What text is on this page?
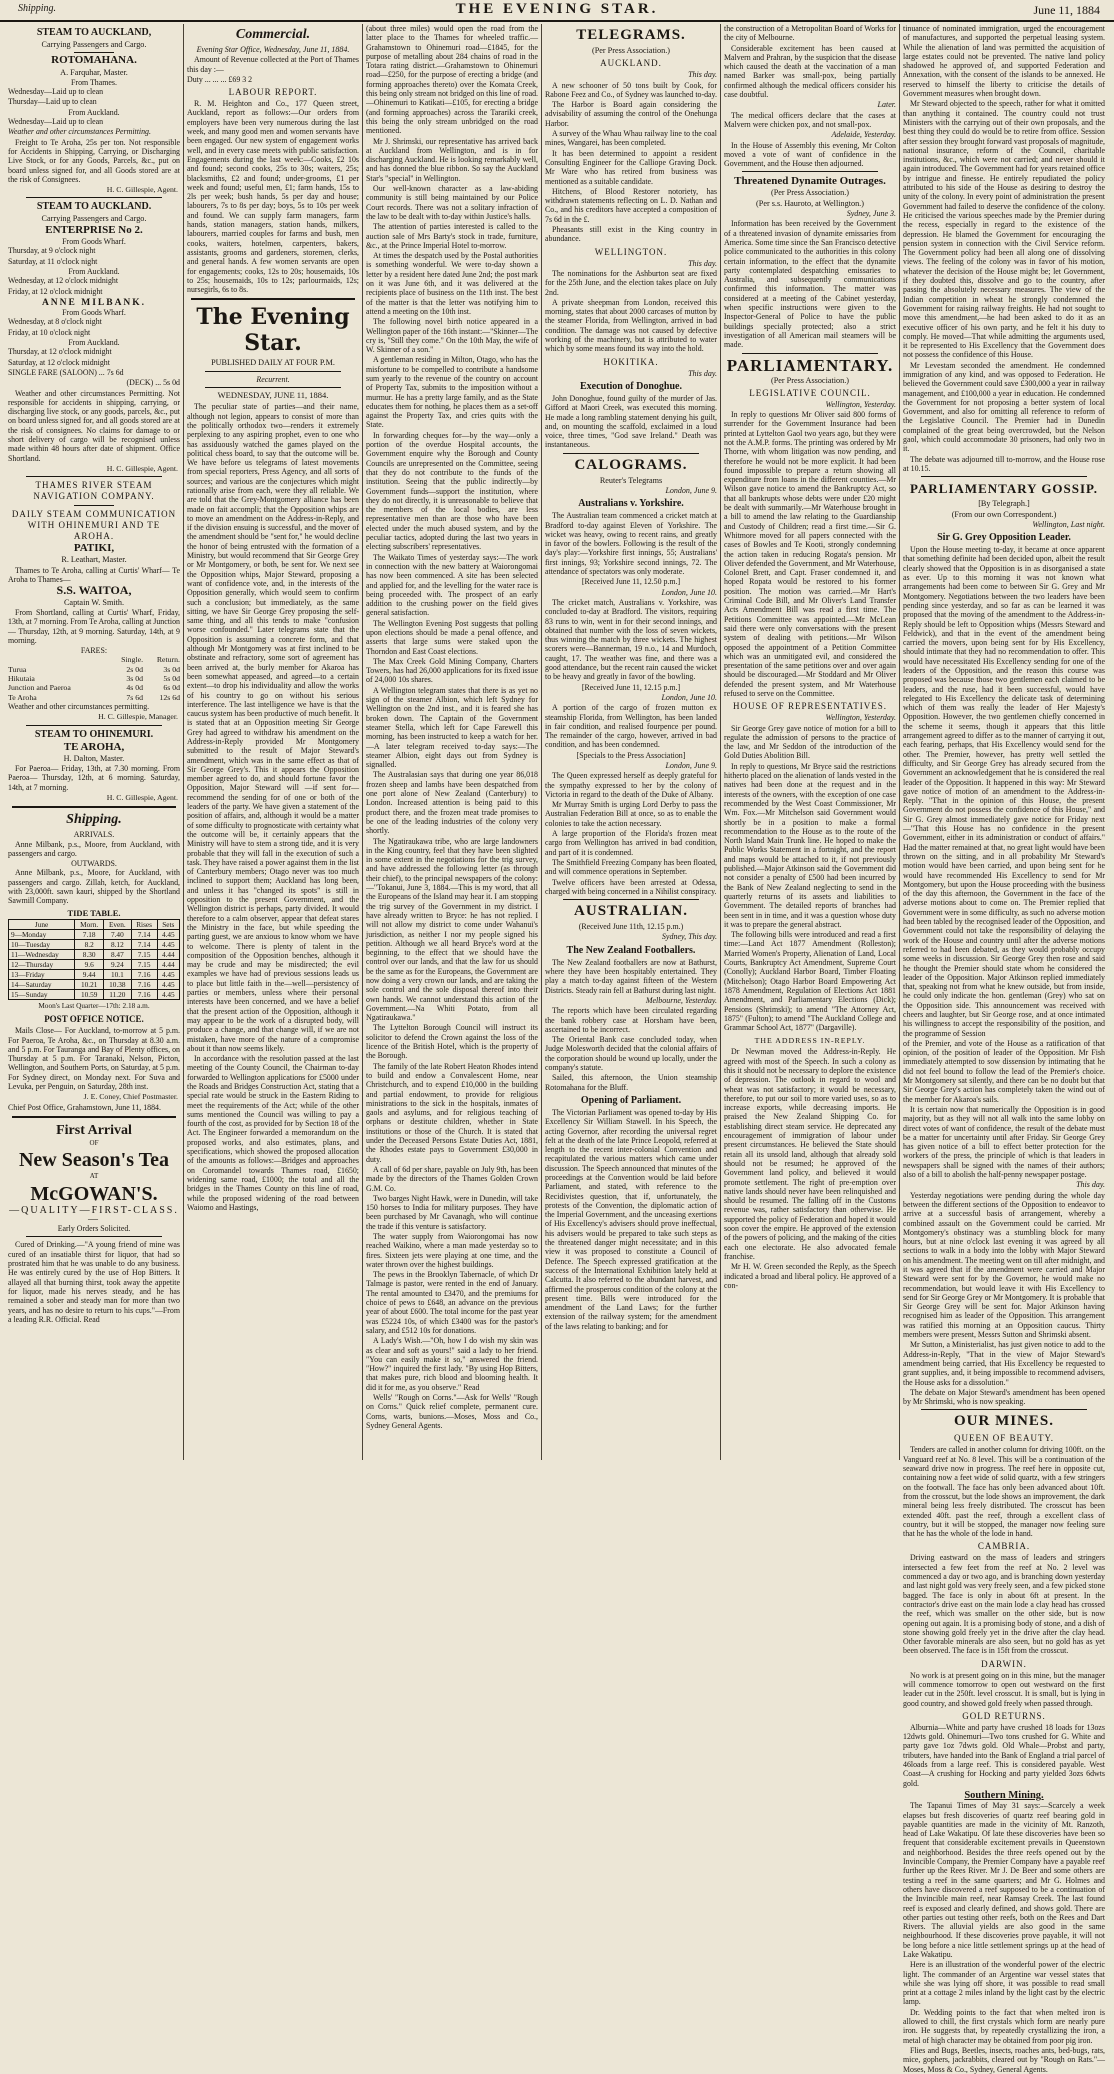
Shipping.	THE EVENING STAR.	June 11, 1884
STEAM TO AUCKLAND,
Carrying Passengers and Cargo.
ROTOMAHANA.
A. Farquhar, Master.
From Thames.
Wednesday—Laid up to clean
Thursday—Laid up to clean
From Auckland.
Wednesday—Laid up to clean
Weather and other circumstances Permitting.
Freight to Te Aroha, 25s per ton. Not responsible for Accidents in Shipping, Carrying, or Discharging Live Stock, or for any Goods, Parcels, &c., put on board unless signed for, and all Goods stored are at the risk of Consignees.
H. C. Gillespie, Agent.
STEAM TO AUCKLAND.
Carrying Passengers and Cargo.
ENTERPRISE No 2.
From Goods Wharf.
Thursday, at 9 o'clock night
Saturday, at 11 o'clock night
From Auckland.
Wednesday, at 12 o'clock midnight
Friday, at 12 o'clock midnight
ANNE MILBANK.
From Goods Wharf.
Wednesday, at 8 o'clock night
Friday, at 10 o'clock night
From Auckland.
Thursday, at 12 o'clock midnight
Saturday, at 12 o'clock midnight
SINGLE FARE (SALOON) ... 7s 6d
(DECK) ... 5s 0d
Weather and other circumstances Permitting. Not responsible for accidents in shipping, carrying, or discharging live stock, or any goods, parcels, &c., put on board unless signed for, and all goods stored are at the risk of consignees. No claims for damage to or short delivery of cargo will be recognised unless made within 48 hours after date of shipment. Office Shortland.
H. C. Gillespie, Agent.
THAMES RIVER STEAM NAVIGATION COMPANY.
DAILY STEAM COMMUNICATION WITH OHINEMURI AND TE AROHA.
PATIKI,
R. Leathart, Master.
Thames to Te Aroha, calling at Curtis' Wharf— Te Aroha to Thames—
S.S. WAITOA,
Captain W. Smith.
From Shortland, calling at Curtis' Wharf, Friday, 13th, at 7 morning. From Te Aroha, calling at Junction— Thursday, 12th, at 9 morning. Saturday, 14th, at 9 morning.
FARES:
	Single.	Return.
Turua	2s 0d	3s 0d
Hikutaia	3s 0d	5s 0d
Junction and Paeroa	4s 0d	6s 0d
Te Aroha	7s 6d	12s 6d
Weather and other circumstances permitting.
H. C. Gillespie, Manager.
STEAM TO OHINEMURI.
TE AROHA,
H. Dalton, Master.
For Paeroa— Friday, 13th, at 7.30 morning. From Paeroa— Thursday, 12th, at 6 morning. Saturday, 14th, at 7 morning.
H. C. Gillespie, Agent.
Shipping.
ARRIVALS.
Anne Milbank, p.s., Moore, from Auckland, with passengers and cargo.
OUTWARDS.
Anne Milbank, p.s., Moore, for Auckland, with passengers and cargo. Zillah, ketch, for Auckland, with 23,000ft. sawn kauri, shipped by the Shortland Sawmill Company.
TIDE TABLE.
June	Morn.	Even.	Rises	Sets
9—Monday	7.18	7.40	7.14	4.45
10—Tuesday	8.2	8.12	7.14	4.45
11—Wednesday	8.30	8.47	7.15	4.44
12—Thursday	9.6	9.24	7.15	4.44
13—Friday	9.44	10.1	7.16	4.45
14—Saturday	10.21	10.38	7.16	4.45
15—Sunday	10.59	11.20	7.16	4.45
Moon's Last Quarter—17th: 2.18 a.m.
POST OFFICE NOTICE.
Mails Close— For Auckland, to-morrow at 5 p.m. For Paeroa, Te Aroha, &c., on Thursday at 8.30 a.m. and 5 p.m. For Tauranga and Bay of Plenty offices, on Thursday at 5 p.m. For Taranaki, Nelson, Picton, Wellington, and Southern Ports, on Saturday, at 5 p.m. For Sydney direct, on Monday next. For Suva and Levuka, per Penguin, on Saturday, 28th inst.
J. E. Coney, Chief Postmaster.
Chief Post Office, Grahamstown, June 11, 1884.
First Arrival
OF
New Season's Tea
AT
McGOWAN'S.
—QUALITY—FIRST-CLASS.—
Early Orders Solicited.
Cured of Drinking.—"A young friend of mine was cured of an insatiable thirst for liquor, that had so prostrated him that he was unable to do any business. He was entirely cured by the use of Hop Bitters. It allayed all that burning thirst, took away the appetite for liquor, made his nerves steady, and he has remained a sober and steady man for more than two years, and has no desire to return to his cups."—From a leading R.R. Official. Read
Commercial.
Evening Star Office, Wednesday, June 11, 1884.
Amount of Revenue collected at the Port of Thames this day :—
Duty ... ... ... £69 3 2
LABOUR REPORT.
R. M. Heighton and Co., 177 Queen street, Auckland, report as follows:—Our orders from employers have been very numerous during the last week, and many good men and women servants have been engaged. Our new system of engagement works well, and in every case meets with public satisfaction. Engagements during the last week:—Cooks, £2 10s and found; second cooks, 25s to 30s; waiters, 25s; blacksmiths, £2 and found; under-grooms, £1 per week and found; useful men, £1; farm hands, 15s to 2ls per week; bush hands, 5s per day and house; labourers, 7s to 8s per day; boys, 5s to 10s per week and found. We can supply farm managers, farm hands, station managers, station hands, milkers, labourers, married couples for farms and bush, men cooks, waiters, hotelmen, carpenters, bakers, assistants, grooms and gardeners, storemen, clerks, and general hands. A few women servants are open for engagements; cooks, 12s to 20s; housemaids, 10s to 25s; housemaids, 10s to 12s; parlourmaids, 12s; nursegirls, 6s to 8s.
The Evening Star.
PUBLISHED DAILY AT FOUR P.M.
Recurrent.
WEDNESDAY, JUNE 11, 1884.
The peculiar state of parties—and their name, although not legion, appears to consist of more than the politically orthodox two—renders it extremely perplexing to any aspiring prophet, even to one who has assiduously watched the games played on the political chess board, to say that the outcome will be. We have before us telegrams of latest movements from special reporters, Press Agency, and all sorts of sources; and various are the conjectures which might rationally arise from each, were they all reliable. We are told that the Grey-Montgomery alliance has been made on fait accompli; that the Opposition whips are to move an amendment on the Address-in-Reply, and if the division ensuing is successful, and the mover of the amendment should be "sent for," he would decline the honor of being entrusted with the formation of a Ministry, but would recommend that Sir George Grey or Mr Montgomery, or both, be sent for. We next see the Opposition whips, Major Steward, proposing a want of confidence vote, and, in the interests of the Opposition generally, which would seem to confirm such a conclusion; but immediately, as the same sitting, we have Sir George Grey proposing the self-same thing, and all this tends to make "confusion worse confounded." Later telegrams state that the Opposition is assuming a concrete form, and that although Mr Montgomery was at first inclined to be obstinate and refractory, some sort of agreement has been arrived at, the burly member for Akaroa has been somewhat appeased, and agreed—to a certain extent—to drop his individuality and allow the works of his country to go on without his serious interference. The last intelligence we have is that the caucus system has been productive of much benefit. It is stated that at an Opposition meeting Sir George Grey had agreed to withdraw his amendment on the Address-in-Reply provided Mr Montgomery submitted to the result of Major Steward's amendment, which was in the same effect as that of Sir George Grey's. This it appears the Opposition member agreed to do, and should fortune favor the Opposition, Major Steward will —if sent for—recommend the sending for of one or both of the leaders of the party. We have given a statement of the position of affairs, and, although it would be a matter of some difficulty to prognosticate with certainty what the outcome will be, it certainly appears that the Ministry will have to stem a strong tide, and it is very probable that they will fall in the execution of such a task. They have raised a power against them in the list of Canterbury members; Otago never was too much inclined to support them; Auckland has long been, and unless it has "changed its spots" is still in opposition to the present Government, and the Wellington district is perhaps, party divided. It would therefore to a calm observer, appear that defeat stares the Ministry in the face, but while speeding the parting guest, we are anxious to know whom we have to welcome. There is plenty of talent in the composition of the Opposition benches, although it may be crude and may be misdirected; the evil examples we have had of previous sessions leads us to place but little faith in the—well—persistency of parties or members, unless where their personal interests have been concerned, and we have a belief that the present action of the Opposition, although it may appear to be the work of a disrupted body, will produce a change, and that change will, if we are not mistaken, have more of the nature of a compromise about it than now seems likely.
In accordance with the resolution passed at the last meeting of the County Council, the Chairman to-day forwarded to Wellington applications for £5000 under the Roads and Bridges Construction Act, stating that a special rate would be struck in the Eastern Riding to meet the requirements of the Act; while of the other sums mentioned the Council was willing to pay a fourth of the cost, as provided for by Section 18 of the Act. The Engineer forwarded a memorandum on the proposed works, and also estimates, plans, and specifications, which showed the proposed allocation of the amounts as follows:—Bridges and approaches on Coromandel towards Thames road, £1650; widening same road, £1000; the total and all the bridges in the Thames County on this line of road, while the proposed widening of the road between Waiomo and Hastings,
(about three miles) would open the road from the latter place to the Thames for wheeled traffic.—Grahamstown to Ohinemuri road—£1845, for the purpose of metalling about 284 chains of road in the Totara rating district.—Grahamstown to Ohinemuri road—£250, for the purpose of erecting a bridge (and forming approaches thereto) over the Komata Creek, this being only stream not bridged on this line of road.—Ohinemuri to Katikati—£105, for erecting a bridge (and forming approaches) across the Tarariki creek, this being the only stream unbridged on the road mentioned.
Mr J. Shrimski, our representative has arrived back at Auckland from Wellington, and is in for discharging Auckland. He is looking remarkably well, and has donned the blue ribbon. So say the Auckland Star's "special" in Wellington.
Our well-known character as a law-abiding community is still being maintained by our Police Court records. There was not a solitary infraction of the law to be dealt with to-day within Justice's halls.
The attention of parties interested is called to the auction sale of Mrs Barty's stock in trade, furniture, &c., at the Prince Imperial Hotel to-morrow.
At times the despatch used by the Postal authorities is something wonderful. We were to-day shown a letter by a resident here dated June 2nd; the post mark on it was June 6th, and it was delivered at the recipients place of business on the 11th inst. The best of the matter is that the letter was notifying him to attend a meeting on the 10th inst.
The following novel birth notice appeared in a Wellington paper of the 16th instant:—"Skinner—The cry is, "Still they come." On the 10th May, the wife of W. Skinner of a son."
A gentleman residing in Milton, Otago, who has the misfortune to be compelled to contribute a handsome sum yearly to the revenue of the country on account of Property Tax, submits to the imposition without a murmur. He has a pretty large family, and as the State educates them for nothing, he places them as a set-off against the Property Tax, and cries quits with the State.
In forwarding cheques for—by the way—only a portion of the overdue Hospital accounts, the Government enquire why the Borough and County Councils are unrepresented on the Committee, seeing that they do not contribute to the funds of the institution. Seeing that the public indirectly—by Government funds—support the institution, where they do not directly, it is unreasonable to believe that the members of the local bodies, are less representative men than are those who have been elected under the much abused system, and by the peculiar tactics, adopted during the last two years in electing subscribers' representatives.
The Waikato Times of yesterday says:—The work in connection with the new battery at Waiorongomai has now been commenced. A site has been selected and applied for, and the levelling for the water race is being proceeded with. The prospect of an early addition to the crushing power on the field gives general satisfaction.
The Wellington Evening Post suggests that polling upon elections should be made a penal offence, and asserts that large sums were staked upon the Thorndon and East Coast elections.
The Max Creek Gold Mining Company, Charters Towers, has had 26,000 applications for its fixed issue of 24,000 10s shares.
A Wellington telegram states that there is as yet no sign of the steamer Albion, which left Sydney for Wellington on the 2nd inst., and it is feared she has broken down. The Captain of the Government steamer Stella, which left for Cape Farewell this morning, has been instructed to keep a watch for her.—A later telegram received to-day says:—The steamer Albion, eight days out from Sydney is signalled.
The Australasian says that during one year 86,018 frozen sheep and lambs have been despatched from one port alone of New Zealand (Canterbury) to London. Increased attention is being paid to this product there, and the frozen meat trade promises to be one of the leading industries of the colony very shortly.
The Ngatiraukawa tribe, who are large landowners in the King country, feel that they have been slighted in some extent in the negotiations for the trig survey, and have addressed the following letter (as through their chief), to the principal newspapers of the colony:—"Tokanui, June 3, 1884.—This is my word, that all the Europeans of the Island may hear it. I am stopping the trig survey of the Government in my district. I have already written to Bryce: he has not replied. I will not allow my district to come under Wahanui's jurisdiction, as neither I nor my people signed his petition. Although we all heard Bryce's word at the beginning, to the effect that we should have the control over our lands, and that the law for us should be the same as for the Europeans, the Government are now doing a very crown our lands, and are taking the sole control and the sole disposal thereof into their own hands. We cannot understand this action of the Government.—Na Whiti Potato, from all Ngatiraukawa."
The Lyttelton Borough Council will instruct its solicitor to defend the Crown against the loss of the licence of the British Hotel, which is the property of the Borough.
The family of the late Robert Heaton Rhodes intend to build and endow a Convalescent Home, near Christchurch, and to expend £10,000 in the building and partial endowment, to provide for religious ministrations to the sick in the hospitals, inmates of gaols and asylums, and for religious teaching of orphans or destitute children, whether in State institutions or those of the Church. It is stated that under the Deceased Persons Estate Duties Act, 1881, the Rhodes estate pays to Government £30,000 in duty.
A call of 6d per share, payable on July 9th, has been made by the directors of the Thames Golden Crown G.M. Co.
Two barges Night Hawk, were in Dunedin, will take 150 horses to India for military purposes. They have been purchased by Mr Cavanagh, who will continue the trade if this venture is satisfactory.
The water supply from Waiorongomai has now reached Waikino, where a man made yesterday so to fires. Sixteen jets were playing at one time, and the water thrown over the highest buildings.
The pews in the Brooklyn Tabernacle, of which Dr Talmage is pastor, were rented in the end of January. The rental amounted to £3470, and the premiums for choice of pews to £648, an advance on the previous year of about £600. The total income for the past year was £5224 10s, of which £3400 was for the pastor's salary, and £512 10s for donations.
A Lady's Wish.—"Oh, how I do wish my skin was as clear and soft as yours!" said a lady to her friend. "You can easily make it so," answered the friend. "How?" inquired the first lady. "By using Hop Bitters, that makes pure, rich blood and blooming health. It did it for me, as you observe." Read
Wells' "Rough on Corns."—Ask for Wells' "Rough on Corns." Quick relief complete, permanent cure. Corns, warts, bunions.—Moses, Moss and Co., Sydney General Agents.
TELEGRAMS.
(Per Press Association.)
AUCKLAND.
This day.
A new schooner of 50 tons built by Cook, for Rabone Feez and Co., of Sydney was launched to-day.
The Harbor is Board again considering the advisability of assuming the control of the Onehunga Harbor.
A survey of the Whau Whau railway line to the coal mines, Wangarei, has been completed.
It has been determined to appoint a resident Consulting Engineer for the Calliope Graving Dock. Mr Ware who has retired from business was mentioned as a suitable candidate.
Hitchens, of Blood Restorer notoriety, has withdrawn statements reflecting on L. D. Nathan and Co., and his creditors have accepted a composition of 7s 6d in the £.
Pheasants still exist in the King country in abundance.
WELLINGTON.
This day.
The nominations for the Ashburton seat are fixed for the 25th June, and the election takes place on July 2nd.
A private sheepman from London, received this morning, states that about 2000 carcases of mutton by the steamer Florida, from Wellington, arrived in bad condition. The damage was not caused by defective working of the machinery, but is attributed to water which by some means found its way into the hold.
HOKITIKA.
This day.
Execution of Donoghue.
John Donoghue, found guilty of the murder of Jas. Gifford at Maori Creek, was executed this morning. He made a long rambling statement denying his guilt, and, on mounting the scaffold, exclaimed in a loud voice, three times, "God save Ireland." Death was instantaneous.
CALOGRAMS.
Reuter's Telegrams
London, June 9.
Australians v. Yorkshire.
The Australian team commenced a cricket match at Bradford to-day against Eleven of Yorkshire. The wicket was heavy, owing to recent rains, and greatly in favor of the bowlers. Following is the result of the day's play:—Yorkshire first innings, 55; Australians' first innings, 93; Yorkshire second innings, 72. The attendance of spectators was only moderate.
[Received June 11, 12.50 p.m.]
London, June 10.
The cricket match, Australians v. Yorkshire, was concluded to-day at Bradford. The visitors, requiring 83 runs to win, went in for their second innings, and obtained that number with the loss of seven wickets, thus winning the match by three wickets. The highest scorers were—Bannerman, 19 n.o., 14 and Murdoch, caught, 17. The weather was fine, and there was a good attendance, but the recent rain caused the wicket to be heavy and greatly in favor of the bowling.
[Received June 11, 12.15 p.m.]
London, June 10.
A portion of the cargo of frozen mutton ex steamship Florida, from Wellington, has been landed in fair condition, and realised fourpence per pound. The remainder of the cargo, however, arrived in bad condition, and has been condemned.
[Specials to the Press Association]
London, June 9.
The Queen expressed herself as deeply grateful for the sympathy expressed to her by the colony of Victoria in regard to the death of the Duke of Albany.
Mr Murray Smith is urging Lord Derby to pass the Australian Federation Bill at once, so as to enable the colonies to take the action necessary.
A large proportion of the Florida's frozen meat cargo from Wellington has arrived in bad condition, and part of it is condemned.
The Smithfield Freezing Company has been floated, and will commence operations in September.
Twelve officers have been arrested at Odessa, charged with being concerned in a Nihilist conspiracy.
AUSTRALIAN.
(Received June 11th, 12.15 p.m.)
Sydney, This day.
The New Zealand Footballers.
The New Zealand footballers are now at Bathurst, where they have been hospitably entertained. They play a match to-day against fifteen of the Western Districts. Steady rain fell at Bathurst during last night.
Melbourne, Yesterday.
The reports which have been circulated regarding the bank robbery case at Horsham have been, ascertained to be incorrect.
The Oriental Bank case concluded today, when Judge Molesworth decided that the colonial affairs of the corporation should be wound up locally, under the company's statute.
Sailed, this afternoon, the Union steamship Rotomahana for the Bluff.
Opening of Parliament.
The Victorian Parliament was opened to-day by His Excellency Sir William Stawell. In his Speech, the acting Governor, after recording the universal regret felt at the death of the late Prince Leopold, referred at length to the recent inter-colonial Convention and recapitulated the various matters which came under discussion. The Speech announced that minutes of the proceedings at the Convention would be laid before Parliament, and stated, with reference to the Recidivistes question, that if, unfortunately, the protests of the Convention, the diplomatic action of the Imperial Government, and the unceasing exertions of His Excellency's advisers should prove ineffectual, his advisers would be prepared to take such steps as the threatened danger might necessitate; and in this view it was proposed to constitute a Council of Defence. The Speech expressed gratification at the success of the International Exhibition lately held at Calcutta. It also referred to the abundant harvest, and affirmed the prosperous condition of the colony at the present time. Bills were introduced for the amendment of the Land Laws; for the further extension of the railway system; for the amendment of the laws relating to banking; and for
the construction of a Metropolitan Board of Works for the city of Melbourne.
Considerable excitement has been caused at Malvern and Prahran, by the suspicion that the disease which caused the death at the vaccination of a man named Barker was small-pox, being partially confirmed although the medical officers consider his case doubtful.
Later.
The medical officers declare that the cases at Malvern were chicken pox, and not small-pox.
Adelaide, Yesterday.
In the House of Assembly this evening, Mr Colton moved a vote of want of confidence in the Government, and the House then adjourned.
Threatened Dynamite Outrages.
(Per Press Association.)
(Per s.s. Hauroto, at Wellington.)
Sydney, June 3.
Information has been received by the Government of a threatened invasion of dynamite emissaries from America. Some time since the San Francisco detective police communicated to the authorities in this colony certain information, to the effect that the dynamite party contemplated despatching emissaries to Australia, and subsequently communications confirmed this information. The matter was considered at a meeting of the Cabinet yesterday, when specific instructions were given to the Inspector-General of Police to have the public buildings specially protected; also a strict investigation of all American mail steamers will be made.
PARLIAMENTARY.
(Per Press Association.)
LEGISLATIVE COUNCIL.
Wellington, Yesterday.
In reply to questions Mr Oliver said 800 forms of surrender for the Government Insurance had been printed at Lyttelton Gaol two years ago, but they were not the A.M.P. forms. The printing was ordered by Mr Thorne, with whom litigation was now pending, and therefore he would not be more explicit. It had been found impossible to prepare a return showing all expenditure from loans in the different counties.—Mr Wilson gave notice to amend the Bankruptcy Act, so that all bankrupts whose debts were under £20 might be dealt with summarily.—Mr Waterhouse brought in a bill to amend the law relating to the Guardianship and Custody of Children; read a first time.—Sir G. Whitmore moved for all papers connected with the cases of Bowles and Te Kooti, strongly condemning the action taken in reducing Rogata's pension. Mr Oliver defended the Government, and Mr Waterhouse, Colonel Brett, and Capt. Fraser condemned it, and hoped Ropata would be restored to his former position. The motion was carried.—Mr Hart's Criminal Code Bill, and Mr Oliver's Land Transfer Acts Amendment Bill was read a first time. The Petitions Committee was appointed.—Mr McLean said there were only conversations with the present system of dealing with petitions.—Mr Wilson opposed the appointment of a Petition Committee which was an unmitigated evil, and considered the presentation of the same petitions over and over again should be discouraged.—Mr Stoddard and Mr Oliver defended the present system, and Mr Waterhouse refused to serve on the Committee.
HOUSE OF REPRESENTATIVES.
Wellington, Yesterday.
Sir George Grey gave notice of motion for a bill to regulate the admission of persons to the practice of the law, and Mr Seddon of the introduction of the Gold Duties Abolition Bill.
In reply to questions, Mr Bryce said the restrictions hitherto placed on the alienation of lands vested in the natives had been done at the request and in the interests of the owners, with the exception of one case recommended by the West Coast Commissioner, Mr Wm. Fox.—Mr Mitchelson said Government would shortly be in a position to make a formal recommendation to the House as to the route of the North Island Main Trunk line. He hoped to make the Public Works Statement in a fortnight, and the report and maps would be attached to it, if not previously published.—Major Atkinson said the Government did not consider a penalty of £500 had been incurred by the Bank of New Zealand neglecting to send in the quarterly returns of its assets and liabilities to Government. The detailed reports of branches had been sent in in time, and it was a question whose duty it was to prepare the general abstract.
The following bills were introduced and read a first time:—Land Act 1877 Amendment (Rolleston); Married Women's Property, Alienation of Land, Local Courts, Bankruptcy Act Amendment, Supreme Court (Conolly); Auckland Harbor Board, Timber Floating (Mitchelson); Otago Harbor Board Empowering Act 1878 Amendment, Regulation of Elections Act 1881 Amendment, and Parliamentary Elections (Dick); Pensions (Shrimski); to amend "The Attorney Act, 1875" (Fulton); to amend "The Auckland College and Grammar School Act, 1877" (Dargaville).
THE ADDRESS IN-REPLY.
Dr Newman moved the Address-in-Reply. He agreed with most of the Speech. In such a colony as this it should not be necessary to deplore the existence of depression. The outlook in regard to wool and wheat was not satisfactory; it would be necessary, therefore, to put our soil to more varied uses, so as to increase exports, while decreasing imports. He praised the New Zealand Shipping Co. for establishing direct steam service. He deprecated any encouragement of immigration of labour under present circumstances. He believed the State should retain all its unsold land, although that already sold should not be resumed; he approved of the Government land policy, and believed it would promote settlement. The right of pre-emption over native lands should never have been relinquished and should be resumed. The falling off in the Customs revenue was, rather satisfactory than otherwise. He supported the policy of Federation and hoped it would soon cover the empire. He approved of the extension of the powers of policing, and the making of the cities each one electorate. He also advocated female franchise.
Mr H. W. Green seconded the Reply, as the Speech indicated a broad and liberal policy. He approved of a con-
tinuance of nominated immigration, urged the encouragement of manufactures, and supported the perpetual leasing system. While the alienation of land was permitted the acquisition of large estates could not be prevented. The native land policy shadowed he approved of, and supported Federation and Annexation, with the consent of the islands to be annexed. He reserved to himself the liberty to criticise the details of Government measures when brought down.
Mr Steward objected to the speech, rather for what it omitted than anything it contained. The country could not trust Ministers with the carrying out of their own proposals, and the best thing they could do would be to retire from office. Session after session they brought forward vast proposals of magnitude, national insurance, reform of the Council, charitable institutions, &c., which were not carried; and never should it again introduced. The Government had for years retained office by intrigue and finesse. He entirely repudiated the policy attributed to his side of the House as desiring to destroy the unity of the colony. In every point of administration the present Government had failed to deserve the confidence of the colony. He criticised the various speeches made by the Premier during the recess, especially in regard to the existence of the depression. He blamed the Government for encouraging the pension system in connection with the Civil Service reform. The Government policy had been all along one of dissolving views. The feeling of the colony was in favor of his motion, whatever the decision of the House might be; let Government, if they doubted this, dissolve and go to the country, after passing the absolutely necessary measures. The view of the Indian competition in wheat he strongly condemned the Government for raising railway freights. He had not sought to move this amendment,—he had been asked to do it as an executive officer of his own party, and he felt it his duty to comply. He moved—That while admitting the arguments used, it be represented to His Excellency that the Government does not possess the confidence of this House.
Mr Levestam seconded the amendment. He condemned immigration of any kind, and was opposed to Federation. He believed the Government could save £300,000 a year in railway management, and £100,000 a year in education. He condemned the Government for not proposing a better system of local Government, and also for omitting all reference to reform of the Legislative Council. The Premier had in Dunedin complained of the great being overcrowded, but the Nelson gaol, which could accommodate 30 prisoners, had only two in it.
The debate was adjourned till to-morrow, and the House rose at 10.15.
PARLIAMENTARY GOSSIP.
[By Telegraph.]
(From our own Correspondent.)
Wellington, Last night.
Sir G. Grey Opposition Leader.
Upon the House meeting to-day, it became at once apparent that something definite had been decided upon, albeit the result clearly showed that the Opposition is in as disorganised a state as ever. Up to this morning it was not known what arrangements had been come to between Sir G. Grey and Mr Montgomery. Negotiations between the two leaders have been pending since yesterday, and so far as can be learned it was proposed that the moving of the amendment to the Address-in-Reply should be left to Opposition whips (Messrs Steward and Feldwick), and that in the event of the amendment being carried the movers, upon being sent for by His Excellency, should intimate that they had no recommendation to offer. This would have necessitated His Excellency sending for one of the leaders of the Opposition, and the reason this course was proposed was because those two gentlemen each claimed to be leaders, and the ruse, had it been successful, would have relegated to His Excellency the delicate task of determining which of them was really the leader of Her Majesty's Opposition. However, the two gentlemen chiefly concerned in the scheme it seems, though it appears that this little arrangement agreed to differ as to the manner of carrying it out, each fearing, perhaps, that His Excellency would send for the other. The Premier, however, has pretty well settled the difficulty, and Sir George Grey has already secured from the Government an acknowledgement that he is considered the real leader of the Opposition. It happened in this way: Mr Steward gave notice of motion of an amendment to the Address-in-Reply. "That in the opinion of this House, the present Government do not possess the confidence of this House," and Sir G. Grey almost immediately gave notice for Friday next—"That this House has no confidence in the present Government, either in its administration or conduct of affairs." Had the matter remained at that, no great light would have been thrown on the sitting, and in all probability Mr Steward's motion would have been carried, and upon being sent for he would have recommended His Excellency to send for Mr Montgomery, but upon the House proceeding with the business of the day this afternoon, the Government in the face of the adverse motions about to come on. The Premier replied that Government were in some difficulty, as such no adverse motion had been tabled by the recognised leader of the Opposition, and Government could not take the responsibility of delaying the work of the House and country until after the adverse motions referred to had been debated, as they would probably occupy some weeks in discussion. Sir George Grey then rose and said he thought the Premier should state whom he considered the leader of the Opposition. Major Atkinson replied immediately that, speaking not from what he knew outside, but from inside, he could only indicate the hon. gentleman (Grey) who sat on the Opposition side. This announcement was received with cheers and laughter, but Sir George rose, and at once intimated his willingness to accept the responsibility of the position, and the programme of Session
of the Premier, and vote of the House as a ratification of that opinion, of the position of leader of the Opposition. Mr Fish immediately attempted to sow dissension by intimating that he did not feel bound to follow the lead of the Premier's choice. Mr Montgomery sat silently, and there can be no doubt but that Sir George Grey's action has completely taken the wind out of the member for Akaroa's sails.
It is certain now that numerically the Opposition is in good majority, but as they will not all walk into the same lobby on direct votes of want of confidence, the result of the debate must be a matter for uncertainty until after Friday. Sir George Grey has given notice of a bill to effect better protection for the workers of the press, the principle of which is that leaders in newspapers shall be signed with the names of their authors; also of a bill to abolish the half-penny newspaper postage.
This day.
Yesterday negotiations were pending during the whole day between the different sections of the Opposition to endeavor to arrive at a successful basis of arrangement, whereby a combined assault on the Government could be carried. Mr Montgomery's obstinacy was a stumbling block for many hours, but at nine o'clock last evening it was agreed by all sections to walk in a body into the lobby with Major Steward on his amendment. The meeting went on till after midnight, and it was agreed that if the amendment were carried and Major Steward were sent for by the Governor, he would make no recommendation, but would leave it with His Excellency to send for Sir George Grey or Mr Montgomery. It is probable that Sir George Grey will be sent for. Major Atkinson having recognised him as leader of the Opposition. This arrangement was ratified this morning at an Opposition caucus. Thirty members were present, Messrs Sutton and Shrimski absent.
Mr Sutton, a Ministerialist, has just given notice to add to the Address-in-Reply, "That in the view of Major Steward's amendment being carried, that His Excellency be requested to grant supplies, and, it being impossible to recommend advisers, the House asks for a dissolution."
The debate on Major Steward's amendment has been opened by Mr Shrimski, who is now speaking.
OUR MINES.
QUEEN OF BEAUTY.
Tenders are called in another column for driving 100ft. on the Vanguard reef at No. 8 level. This will be a continuation of the seaward drive now in progress. The reef here in opposite cut, containing now a feet wide of solid quartz, with a few stringers on the footwall. The face has only been advanced about 10ft. from the crosscut, but the lode shows an improvement, the dark mineral being less freely distributed. The crosscut has been extended 40ft. past the reef, through a excellent class of country, but it will be stopped, the manager now feeling sure that he has the whole of the lode in hand.
CAMBRIA.
Driving eastward on the mass of leaders and stringers intersected a few feet from the reef at No. 2 level was commenced a day or two ago, and is branching down yesterday and last night gold was very freely seen, and a few picked stone bagged. The face is only in about 6ft at present. In the contractor's drive east on the main lode a clay head has crossed the reef, which was smaller on the other side, but is now opening out again. It is a promising body of stone, and a dish of stone showing gold freely yet in the drive after the clay head. Other favorable minerals are also seen, but no gold has as yet been observed. The face is in 15ft from the crosscut.
DARWIN.
No work is at present going on in this mine, but the manager will commence tomorrow to open out westward on the first leader cut in the 250ft. level crosscut. It is small, but is lying in good country, and showed gold freely when passed through.
GOLD RETURNS.
Alburnia—White and party have crushed 18 loads for 13ozs 12dwts gold. Ohinemuri—Two tons crushed for G. White and party gave 1oz 7dwts gold. Old Whale—Probst and party, tributers, have handed into the Bank of England a trial parcel of 46loads from a large reef. This is considered payable. West Coast—A crushing for Hocking and party yielded 3ozs 6dwts gold.
Southern Mining.
The Tapanui Times of May 31 says:—Scarcely a week elapses but fresh discoveries of quartz reef bearing gold in payable quantities are made in the vicinity of Mt. Ranzoth, head of Lake Wakatipu. Of late these discoveries have been so frequent that considerable excitement prevails in Queenstown and neighborhood. Besides the three reefs opened out by the Invincible Company, the Premier Company have a payable reef further up the Rees River. Mr J. De Beer and some others are testing a reef in the same quarters; and Mr G. Holmes and others have discovered a reef supposed to be a continuation of the Invincible main reef, near Ramsay Creek. The last found reef is exposed and clearly defined, and shows gold. There are other parties out testing other reefs, both on the Rees and Dart Rivers. The alluvial yields are also good in the same neighbourhood. If these discoveries prove payable, it will not be long before a nice little settlement springs up at the head of Lake Wakatipu.
Here is an illustration of the wonderful power of the electric light. The commander of an Argentine war vessel states that while she was lying off shore, it was possible to read small print at a cottage 2 miles inland by the light cast by the electric lamp.
Dr. Wedding points to the fact that when melted iron is allowed to chill, the first crystals which form are nearly pure iron. He suggests that, by repeatedly crystallizing the iron, a metal of high character may be obtained from poor pig iron.
Flies and Bugs, Beetles, insects, roaches ants, bed-bugs, rats, mice, gophers, jackrabbits, cleared out by "Rough on Rats."—Moses, Moss & Co., Sydney, General Agents.
